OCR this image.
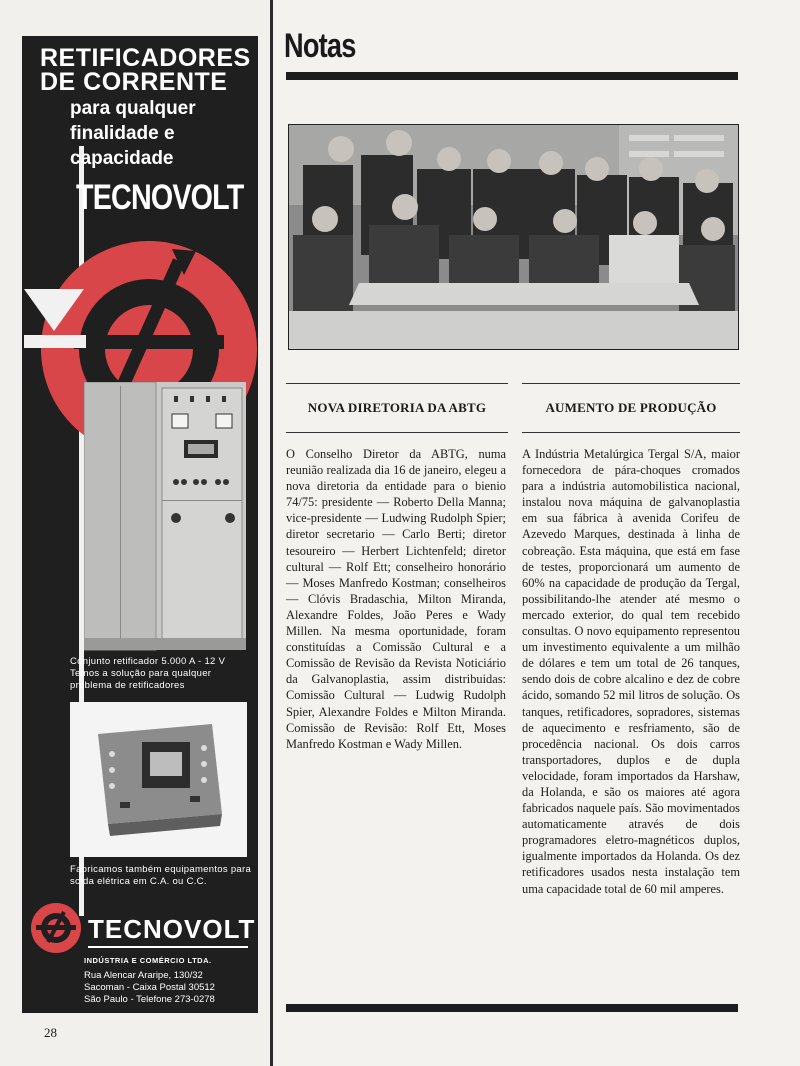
RETIFICADORES DE CORRENTE
para qualquer finalidade e capacidade
TECNOVOLT
Conjunto retificador 5.000 A - 12 V Temos a solução para qualquer problema de retificadores
Fabricamos também equipamentos para solda elétrica em C.A. ou C.C.
TECNOVOLT
INDÚSTRIA E COMÉRCIO LTDA.
Rua Alencar Araripe, 130/32
Sacoman - Caixa Postal 30512
São Paulo - Telefone 273-0278
28
Notas
NOVA DIRETORIA DA ABTG
O Conselho Diretor da ABTG, numa reunião realizada dia 16 de janeiro, elegeu a nova diretoria da entidade para o bienio 74/75: presidente — Roberto Della Manna; vice-presidente — Ludwing Rudolph Spier; diretor secretario — Carlo Berti; diretor tesoureiro — Herbert Lichtenfeld; diretor cultural — Rolf Ett; conselheiro honorário — Moses Manfredo Kostman; conselheiros — Clóvis Bradaschia, Milton Miranda, Alexandre Foldes, João Peres e Wady Millen. Na mesma oportunidade, foram constituídas a Comissão Cultural e a Comissão de Revisão da Revista Noticiário da Galvanoplastia, assim distribuidas: Comissão Cultural — Ludwig Rudolph Spier, Alexandre Foldes e Milton Miranda. Comissão de Revisão: Rolf Ett, Moses Manfredo Kostman e Wady Millen.
AUMENTO DE PRODUÇÃO
A Indústria Metalúrgica Tergal S/A, maior fornecedora de pára-choques cromados para a indústria automobilistica nacional, instalou nova máquina de galvanoplastia em sua fábrica à avenida Corifeu de Azevedo Marques, destinada à linha de cobreação. Esta máquina, que está em fase de testes, proporcionará um aumento de 60% na capacidade de produção da Tergal, possibilitando-lhe atender até mesmo o mercado exterior, do qual tem recebido consultas. O novo equipamento representou um investimento equivalente a um milhão de dólares e tem um total de 26 tanques, sendo dois de cobre alcalino e dez de cobre ácido, somando 52 mil litros de solução. Os tanques, retificadores, sopradores, sistemas de aquecimento e resfriamento, são de procedência nacional. Os dois carros transportadores, duplos e de dupla velocidade, foram importados da Harshaw, da Holanda, e são os maiores até agora fabricados naquele país. São movimentados automaticamente através de dois programadores eletro-magnéticos duplos, igualmente importados da Holanda. Os dez retificadores usados nesta instalação tem uma capacidade total de 60 mil amperes.
